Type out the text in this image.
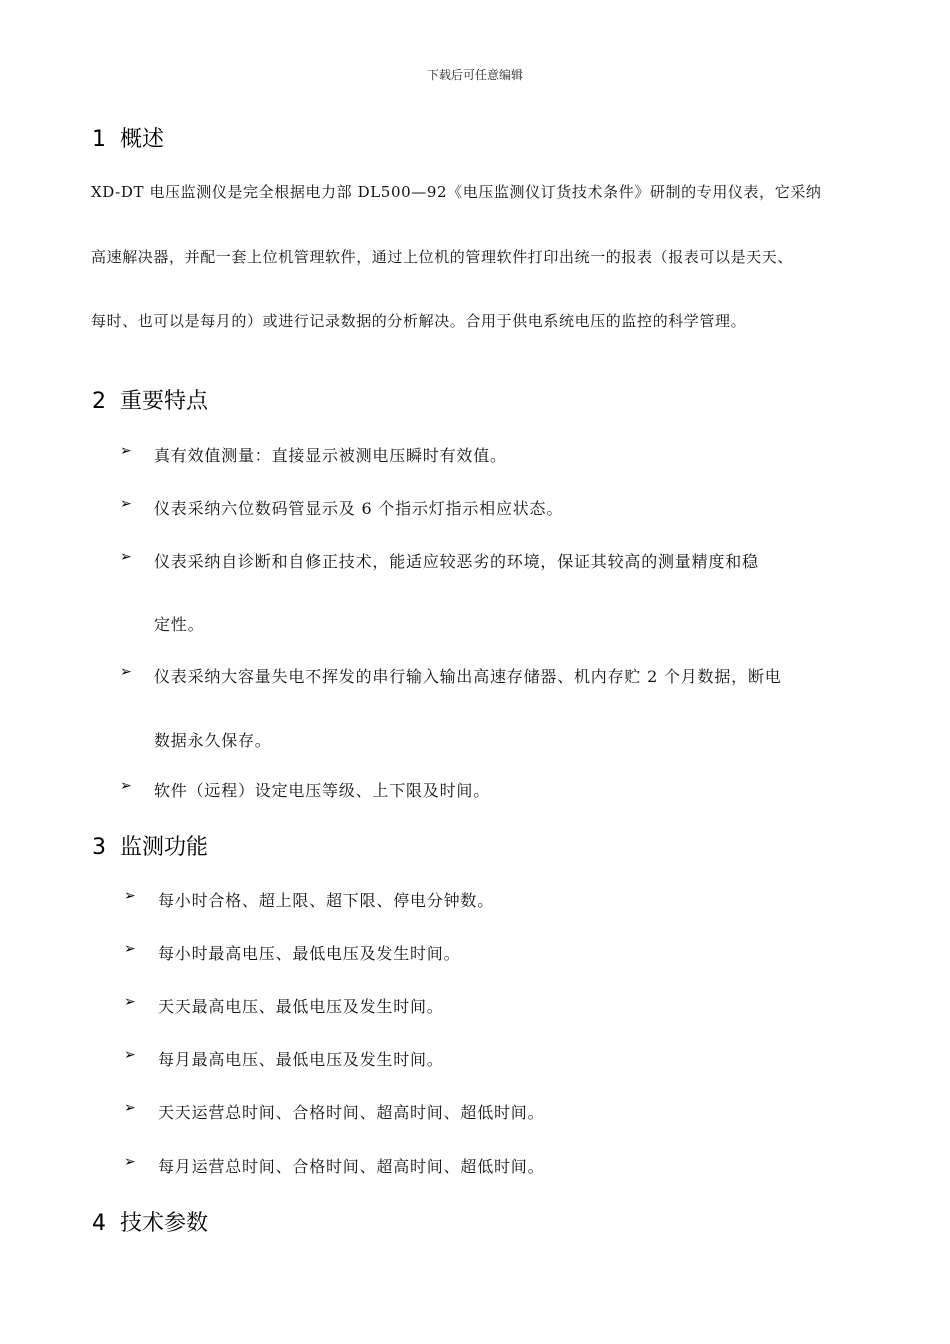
下载后可任意编辑
1 概述

XD-DT 电压监测仪是完全根据电力部 DL500—92《电压监测仪订货技术条件》研制的专用仪表，它采纳

高速解决器，并配一套上位机管理软件，通过上位机的管理软件打印出统一的报表（报表可以是天天、

每时、也可以是每月的）或进行记录数据的分析解决。合用于供电系统电压的监控的科学管理。

2 重要特点
➢ 真有效值测量：直接显示被测电压瞬时有效值。
➢ 仪表采纳六位数码管显示及 6 个指示灯指示相应状态。
➢ 仪表采纳自诊断和自修正技术，能适应较恶劣的环境，保证其较高的测量精度和稳
定性。
➢ 仪表采纳大容量失电不挥发的串行输入输出高速存储器、机内存贮 2 个月数据，断电
数据永久保存。
➢ 软件（远程）设定电压等级、上下限及时间。
3 监测功能
➢ 每小时合格、超上限、超下限、停电分钟数。
➢ 每小时最高电压、最低电压及发生时间。
➢ 天天最高电压、最低电压及发生时间。
➢ 每月最高电压、最低电压及发生时间。
➢ 天天运营总时间、合格时间、超高时间、超低时间。
➢ 每月运营总时间、合格时间、超高时间、超低时间。
4 技术参数
